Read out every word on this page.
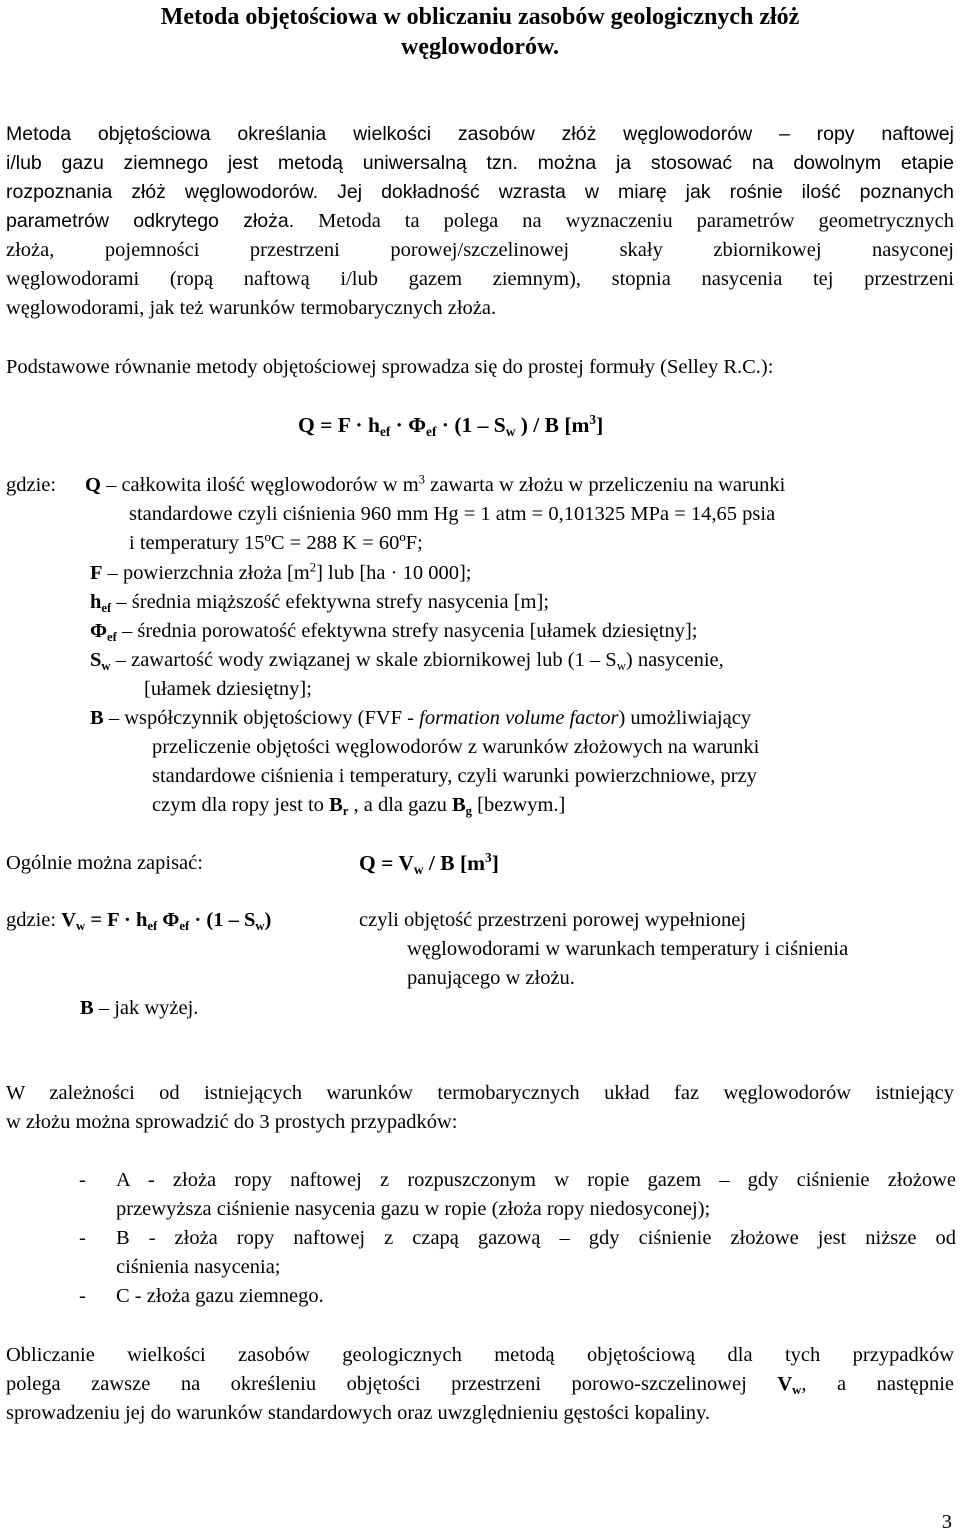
Metoda objętościowa w obliczaniu zasobów geologicznych złóż
węglowodorów.
Metoda objętościowa określania wielkości zasobów złóż węglowodorów – ropy naftowej
i/lub gazu ziemnego jest metodą uniwersalną tzn. można ja stosować na dowolnym etapie
rozpoznania złóż węglowodorów. Jej dokładność wzrasta w miarę jak rośnie ilość poznanych
parametrów odkrytego złoża. Metoda ta polega na wyznaczeniu parametrów geometrycznych
złoża, pojemności przestrzeni porowej/szczelinowej skały zbiornikowej nasyconej
węglowodorami (ropą naftową i/lub gazem ziemnym), stopnia nasycenia tej przestrzeni
węglowodorami, jak też warunków termobarycznych złoża.
Podstawowe równanie metody objętościowej sprowadza się do prostej formuły (Selley R.C.):
$Q = F \cdot h_{ef} \cdot \Phi_{ef} \cdot (1 - S_w$ ) / B $[m^3]$
gdzie: Q – całkowita ilość węglowodorów w $m^3$ zawarta w złożu w przeliczeniu na warunki
standardowe czyli ciśnienia 960 mm Hg = 1 atm = 0,101325 MPa = 14,65 psia
i temperatury 15ºC = 288 K = 60ºF;
F – powierzchnia złoża $[m^2]$ lub [ha · 10 000];
$h_{ef}$ – średnia miąższość efektywna strefy nasycenia [m];
$\Phi_{ef}$ – średnia porowatość efektywna strefy nasycenia [ułamek dziesiętny];
$S_w$ – zawartość wody związanej w skale zbiornikowej lub $(1 - S_w)$ nasycenie,
[ułamek dziesiętny];
B – współczynnik objętościowy (FVF - formation volume factor) umożliwiający
przeliczenie objętości węglowodorów z warunków złożowych na warunki
standardowe ciśnienia i temperatury, czyli warunki powierzchniowe, przy
czym dla ropy jest to $B_r$ , a dla gazu $B_g$ [bezwym.]
Ogólnie można zapisać:	$Q = V_w / B$ $[m^3]$
gdzie: $V_w = F \cdot h_{ef}$ $\Phi_{ef} \cdot (1 - S_w)$	czyli objętość przestrzeni porowej wypełnionej
węglowodorami w warunkach temperatury i ciśnienia
panującego w złożu.
B – jak wyżej.
W zależności od istniejących warunków termobarycznych układ faz węglowodorów istniejący
w złożu można sprowadzić do 3 prostych przypadków:
- A - złoża ropy naftowej z rozpuszczonym w ropie gazem – gdy ciśnienie złożowe
przewyższa ciśnienie nasycenia gazu w ropie (złoża ropy niedosyconej);
- B - złoża ropy naftowej z czapą gazową – gdy ciśnienie złożowe jest niższe od
ciśnienia nasycenia;
- C - złoża gazu ziemnego.
Obliczanie wielkości zasobów geologicznych metodą objętościową dla tych przypadków
polega zawsze na określeniu objętości przestrzeni porowo-szczelinowej $V_w$, a następnie
sprowadzeniu jej do warunków standardowych oraz uwzględnieniu gęstości kopaliny.
3
